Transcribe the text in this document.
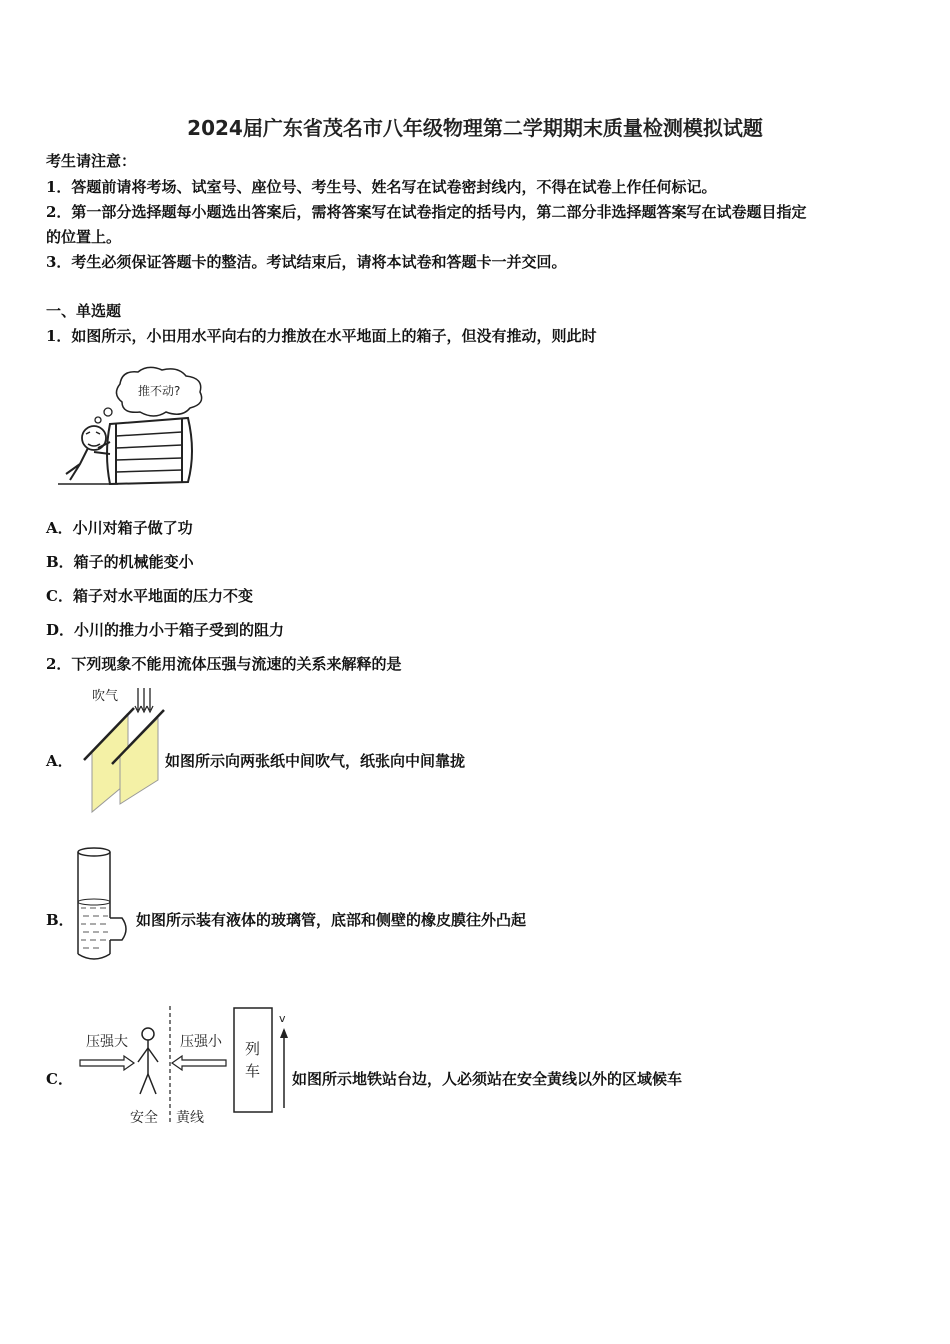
2024届广东省茂名市八年级物理第二学期期末质量检测模拟试题
考生请注意：
1．答题前请将考场、试室号、座位号、考生号、姓名写在试卷密封线内，不得在试卷上作任何标记。
2．第一部分选择题每小题选出答案后，需将答案写在试卷指定的括号内，第二部分非选择题答案写在试卷题目指定
的位置上。
3．考生必须保证答题卡的整洁。考试结束后，请将本试卷和答题卡一并交回。
一、单选题
1．如图所示，小田用水平向右的力推放在水平地面上的箱子，但没有推动，则此时
推不动?
A．小川对箱子做了功
B．箱子的机械能变小
C．箱子对水平地面的压力不变
D．小川的推力小于箱子受到的阻力
2．下列现象不能用流体压强与流速的关系来解释的是
A．
吹气
如图所示向两张纸中间吹气，纸张向中间靠拢
B．	如图所示装有液体的玻璃管，底部和侧壁的橡皮膜往外凸起
C．
压强大	压强小 列
车
v
安全 黄线
如图所示地铁站台边，人必须站在安全黄线以外的区域候车
